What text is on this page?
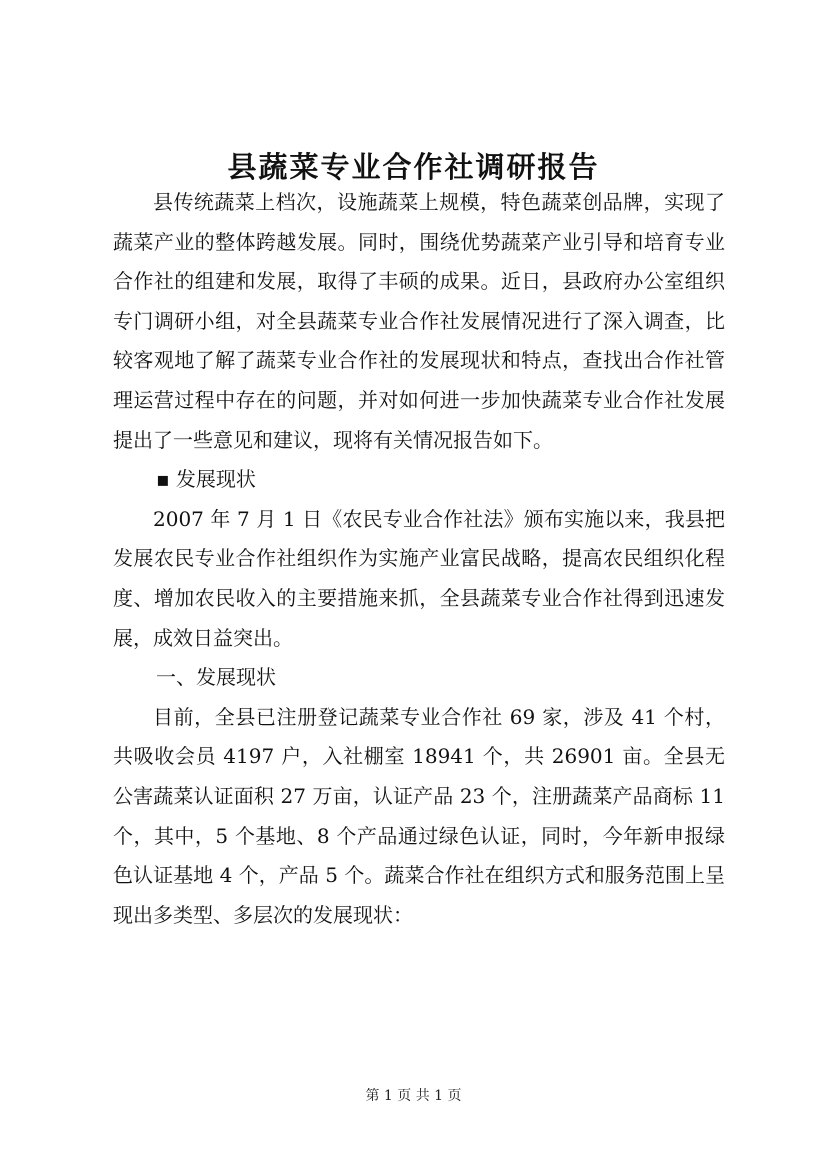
县蔬菜专业合作社调研报告

县传统蔬菜上档次，设施蔬菜上规模，特色蔬菜创品牌，实现了蔬菜产业的整体跨越发展。同时，围绕优势蔬菜产业引导和培育专业合作社的组建和发展，取得了丰硕的成果。近日，县政府办公室组织专门调研小组，对全县蔬菜专业合作社发展情况进行了深入调查，比较客观地了解了蔬菜专业合作社的发展现状和特点，查找出合作社管理运营过程中存在的问题，并对如何进一步加快蔬菜专业合作社发展提出了一些意见和建议，现将有关情况报告如下。

▪ 发展现状

2007 年 7 月 1 日《农民专业合作社法》颁布实施以来，我县把发展农民专业合作社组织作为实施产业富民战略，提高农民组织化程度、增加农民收入的主要措施来抓，全县蔬菜专业合作社得到迅速发展，成效日益突出。

一、发展现状

目前，全县已注册登记蔬菜专业合作社 69 家，涉及 41 个村，共吸收会员 4197 户，入社棚室 18941 个，共 26901 亩。全县无公害蔬菜认证面积 27 万亩，认证产品 23 个，注册蔬菜产品商标 11 个，其中，5 个基地、8 个产品通过绿色认证，同时，今年新申报绿色认证基地 4 个，产品 5 个。蔬菜合作社在组织方式和服务范围上呈现出多类型、多层次的发展现状：

第 1 页 共 1 页
